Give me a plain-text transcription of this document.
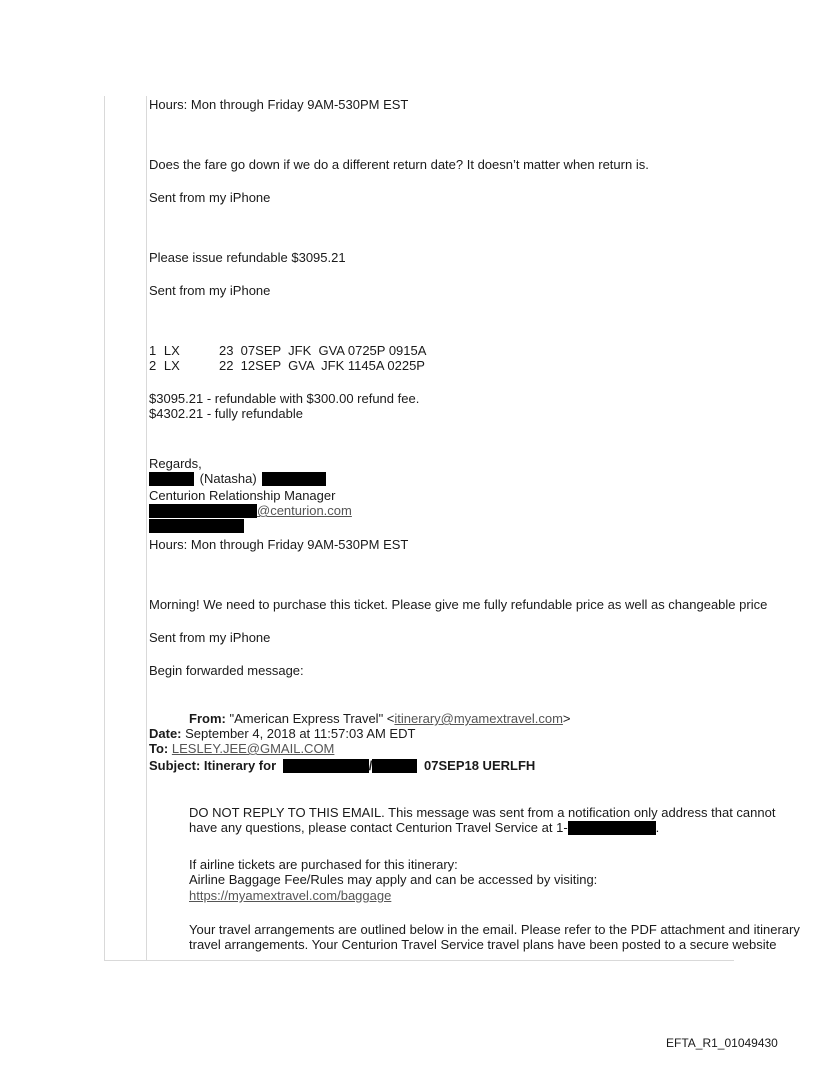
Hours: Mon through Friday 9AM-530PM EST
Does the fare go down if we do a different return date? It doesn’t matter when return is.
Sent from my iPhone
Please issue refundable $3095.21
Sent from my iPhone
1 LX	23  07SEP  JFK  GVA 0725P 0915A
2 LX	22  12SEP  GVA  JFK 1145A 0225P
$3095.21 - refundable with $300.00 refund fee.
$4302.21 - fully refundable
Regards,
(Natasha)
Centurion Relationship Manager
@centurion.com
Hours: Mon through Friday 9AM-530PM EST
Morning! We need to purchase this ticket. Please give me fully refundable price as well as changeable price
Sent from my iPhone
Begin forwarded message:
From: "American Express Travel" <itinerary@myamextravel.com>
Date: September 4, 2018 at 11:57:03 AM EDT
To: LESLEY.JEE@GMAIL.COM
Subject: Itinerary for	/	07SEP18 UERLFH
DO NOT REPLY TO THIS EMAIL. This message was sent from a notification only address that cannot
have any questions, please contact Centurion Travel Service at 1-	.
If airline tickets are purchased for this itinerary:
Airline Baggage Fee/Rules may apply and can be accessed by visiting:
https://myamextravel.com/baggage
Your travel arrangements are outlined below in the email. Please refer to the PDF attachment and itinerary
travel arrangements. Your Centurion Travel Service travel plans have been posted to a secure website
EFTA_R1_01049430
